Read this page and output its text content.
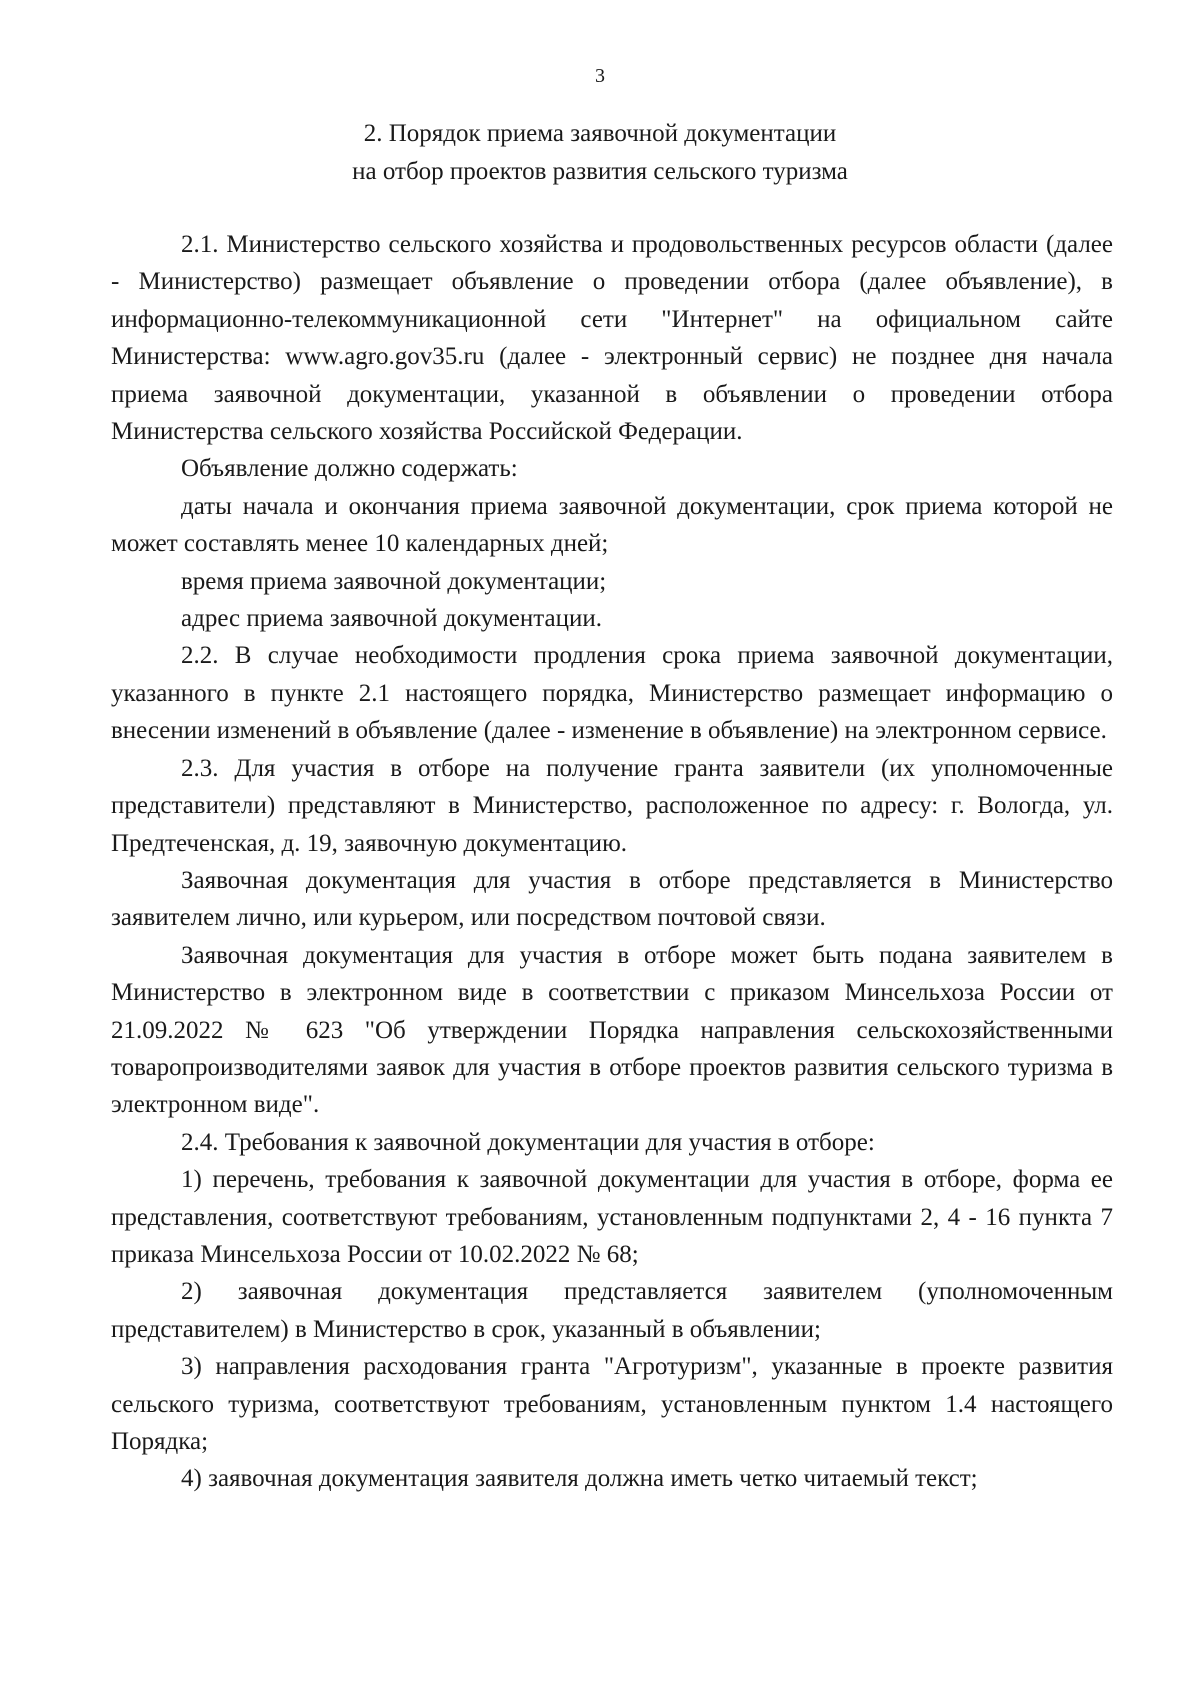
3
2. Порядок приема заявочной документации
на отбор проектов развития сельского туризма

2.1. Министерство сельского хозяйства и продовольственных ресурсов области (далее - Министерство) размещает объявление о проведении отбора (далее объявление), в информационно-телекоммуникационной сети "Интернет" на официальном сайте Министерства: www.agro.gov35.ru (далее - электронный сервис) не позднее дня начала приема заявочной документации, указанной в объявлении о проведении отбора Министерства сельского хозяйства Российской Федерации.

Объявление должно содержать:

даты начала и окончания приема заявочной документации, срок приема которой не может составлять менее 10 календарных дней;

время приема заявочной документации;

адрес приема заявочной документации.

2.2. В случае необходимости продления срока приема заявочной документации, указанного в пункте 2.1 настоящего порядка, Министерство размещает информацию о внесении изменений в объявление (далее - изменение в объявление) на электронном сервисе.

2.3. Для участия в отборе на получение гранта заявители (их уполномоченные представители) представляют в Министерство, расположенное по адресу: г. Вологда, ул. Предтеченская, д. 19, заявочную документацию.

Заявочная документация для участия в отборе представляется в Министерство заявителем лично, или курьером, или посредством почтовой связи.

Заявочная документация для участия в отборе может быть подана заявителем в Министерство в электронном виде в соответствии с приказом Минсельхоза России от 21.09.2022 № 623 "Об утверждении Порядка направления сельскохозяйственными товаропроизводителями заявок для участия в отборе проектов развития сельского туризма в электронном виде".

2.4. Требования к заявочной документации для участия в отборе:

1) перечень, требования к заявочной документации для участия в отборе, форма ее представления, соответствуют требованиям, установленным подпунктами 2, 4 - 16 пункта 7 приказа Минсельхоза России от 10.02.2022 № 68;

2) заявочная документация представляется заявителем (уполномоченным представителем) в Министерство в срок, указанный в объявлении;

3) направления расходования гранта "Агротуризм", указанные в проекте развития сельского туризма, соответствуют требованиям, установленным пунктом 1.4 настоящего Порядка;

4) заявочная документация заявителя должна иметь четко читаемый текст;
